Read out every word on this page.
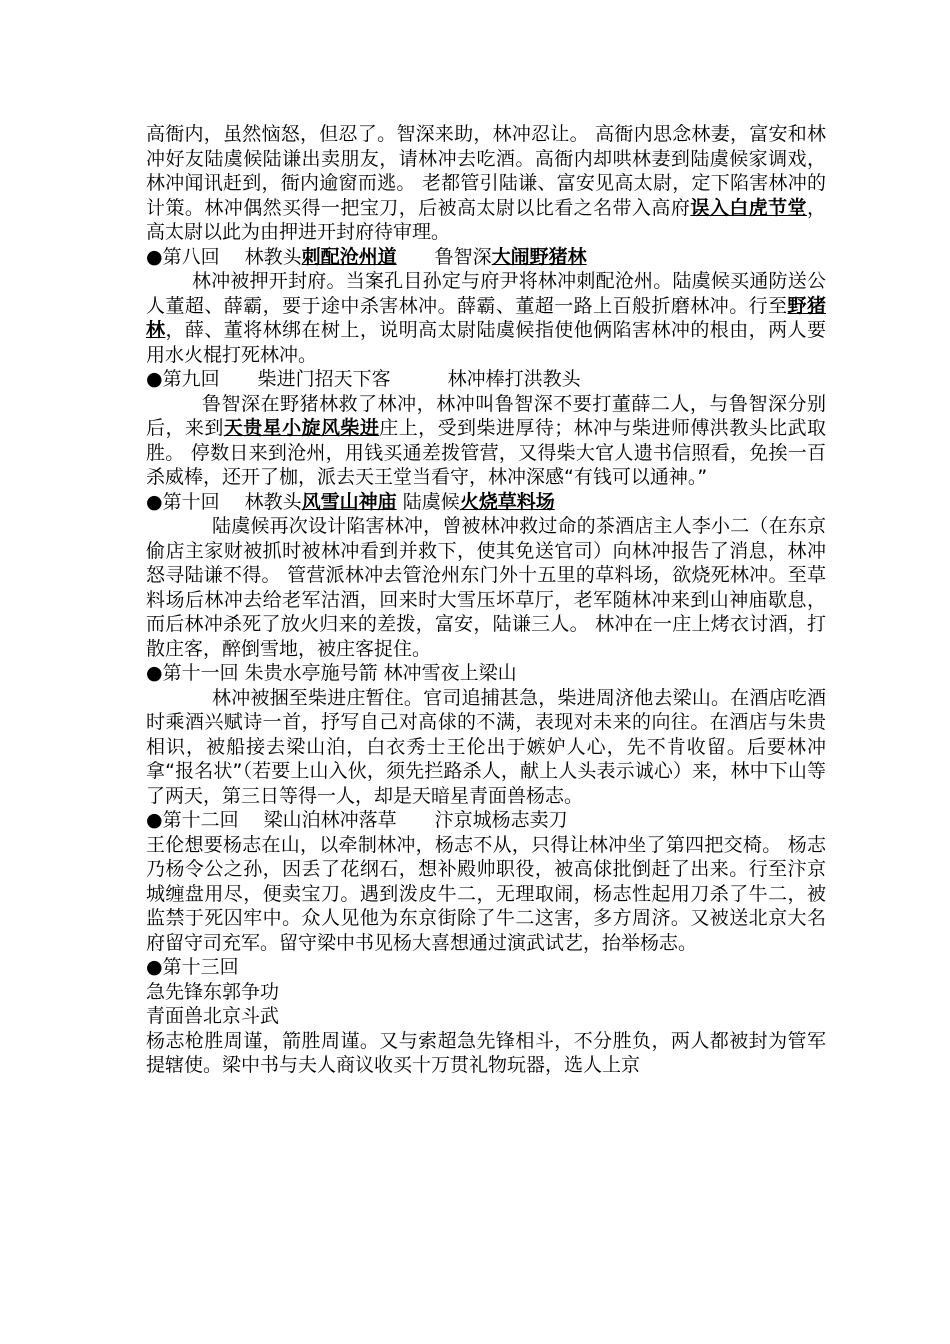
高衙内，虽然恼怒，但忍了。智深来助，林冲忍让。 高衙内思念林妻，富安和林冲好友陆虞候陆谦出卖朋友，请林冲去吃酒。高衙内却哄林妻到陆虞候家调戏，林冲闻讯赶到，衙内逾窗而逃。 老都管引陆谦、富安见高太尉，定下陷害林冲的计策。林冲偶然买得一把宝刀，后被高太尉以比看之名带入高府误入白虎节堂，高太尉以此为由押进开封府待审理。

●第八回　 林教头刺配沧州道　　鲁智深大闹野猪林

林冲被押开封府。当案孔目孙定与府尹将林冲刺配沧州。陆虞候买通防送公人董超、薛霸，要于途中杀害林冲。薛霸、董超一路上百般折磨林冲。行至野猪林，薛、董将林绑在树上，说明高太尉陆虞候指使他俩陷害林冲的根由，两人要用水火棍打死林冲。

●第九回　　柴进门招天下客　　　林冲棒打洪教头

鲁智深在野猪林救了林冲，林冲叫鲁智深不要打董薛二人，与鲁智深分别后，来到天贵星小旋风柴进庄上，受到柴进厚待；林冲与柴进师傅洪教头比武取胜。 停数日来到沧州，用钱买通差拨管营，又得柴大官人遗书信照看，免挨一百杀威棒，还开了枷，派去天王堂当看守，林冲深感“有钱可以通神。”

●第十回　 林教头风雪山神庙 陆虞候火烧草料场

陆虞候再次设计陷害林冲，曾被林冲救过命的茶酒店主人李小二（在东京偷店主家财被抓时被林冲看到并救下，使其免送官司）向林冲报告了消息，林冲怒寻陆谦不得。 管营派林冲去管沧州东门外十五里的草料场，欲烧死林冲。至草料场后林冲去给老军沽酒，回来时大雪压坏草厅，老军随林冲来到山神庙歇息，而后林冲杀死了放火归来的差拨，富安，陆谦三人。 林冲在一庄上烤衣讨酒，打散庄客，醉倒雪地，被庄客捉住。

●第十一回 朱贵水亭施号箭 林冲雪夜上梁山

林冲被捆至柴进庄暂住。官司追捕甚急，柴进周济他去梁山。在酒店吃酒时乘酒兴赋诗一首，抒写自己对高俅的不满，表现对未来的向往。在酒店与朱贵相识，被船接去梁山泊，白衣秀士王伦出于嫉妒人心，先不肯收留。后要林冲拿“报名状”（若要上山入伙，须先拦路杀人，献上人头表示诚心）来，林中下山等了两天，第三日等得一人，却是天暗星青面兽杨志。

●第十二回　 梁山泊林冲落草　　汴京城杨志卖刀

王伦想要杨志在山，以牵制林冲，杨志不从，只得让林冲坐了第四把交椅。 杨志乃杨令公之孙，因丢了花纲石，想补殿帅职役，被高俅批倒赶了出来。行至汴京城缠盘用尽，便卖宝刀。遇到泼皮牛二，无理取闹，杨志性起用刀杀了牛二，被监禁于死囚牢中。众人见他为东京街除了牛二这害，多方周济。又被送北京大名府留守司充军。留守梁中书见杨大喜想通过演武试艺，抬举杨志。

●第十三回

急先锋东郭争功

青面兽北京斗武

杨志枪胜周谨，箭胜周谨。又与索超急先锋相斗，不分胜负，两人都被封为管军提辖使。梁中书与夫人商议收买十万贯礼物玩器，选人上京
